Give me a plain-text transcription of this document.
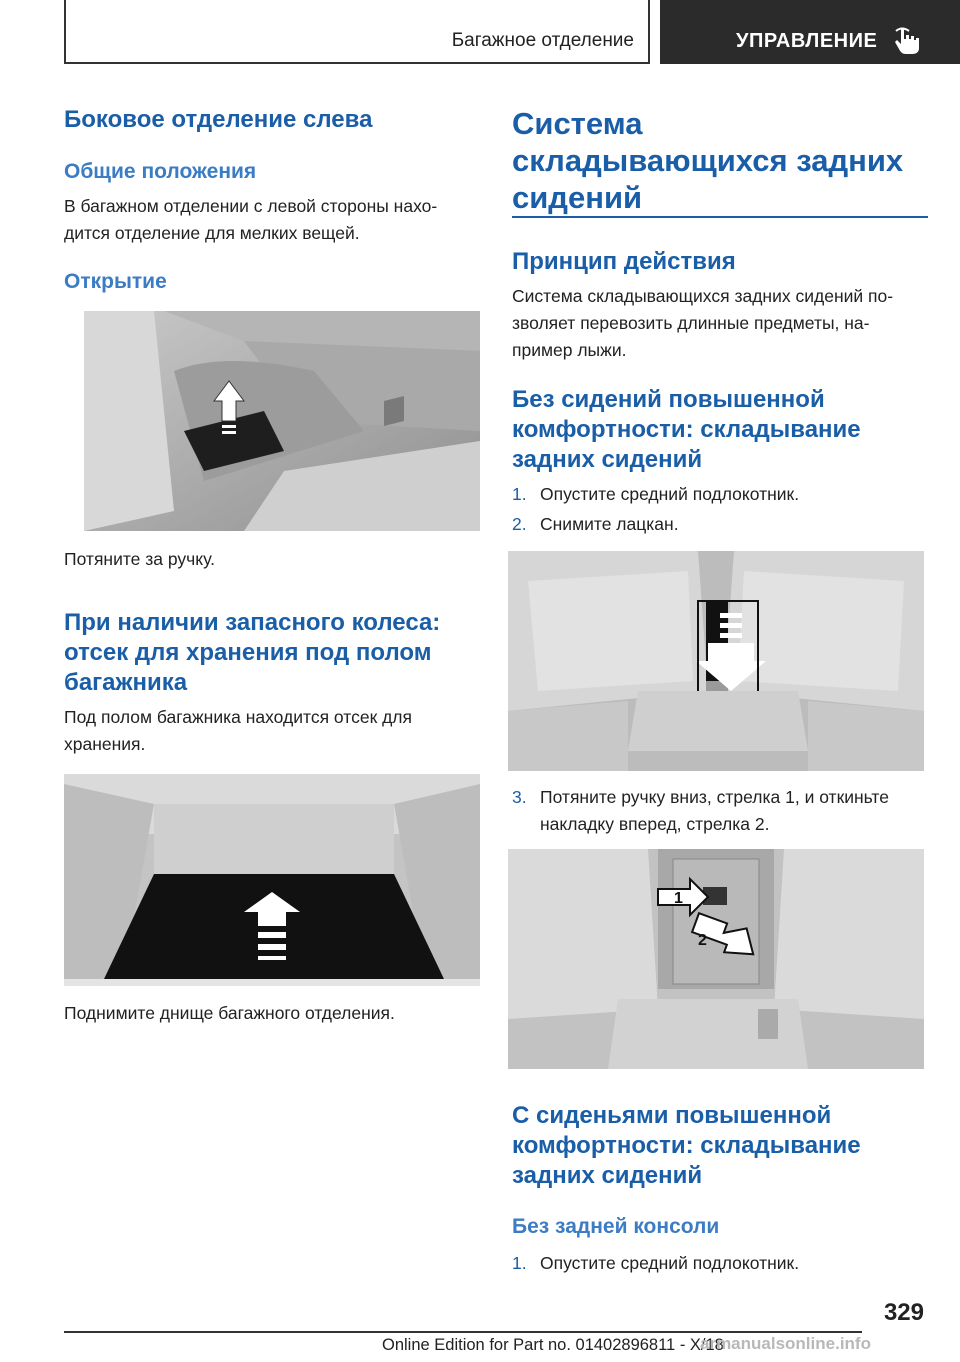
Багажное отделение	УПРАВЛЕНИЕ
Боковое отделение слева
Общие положения
В багажном отделении с левой стороны нахо-
дится отделение для мелких вещей.
Открытие
Потяните за ручку.
При наличии запасного колеса:
отсек для хранения под полом
багажника
Под полом багажника находится отсек для
хранения.
Поднимите днище багажного отделения.
Система
складывающихся задних
сидений
Принцип действия
Система складывающихся задних сидений по-
зволяет перевозить длинные предметы, на-
пример лыжи.
Без сидений повышенной
комфортности: складывание
задних сидений
1. Опустите средний подлокотник.
2. Снимите лацкан.
3. Потяните ручку вниз, стрелка 1, и откиньте
накладку вперед, стрелка 2.
1
2
С сиденьями повышенной
комфортности: складывание
задних сидений
Без задней консоли
1. Опустите средний подлокотник.
329
Online Edition for Part no. 01402896811 - X/18
armanualsonline.info
